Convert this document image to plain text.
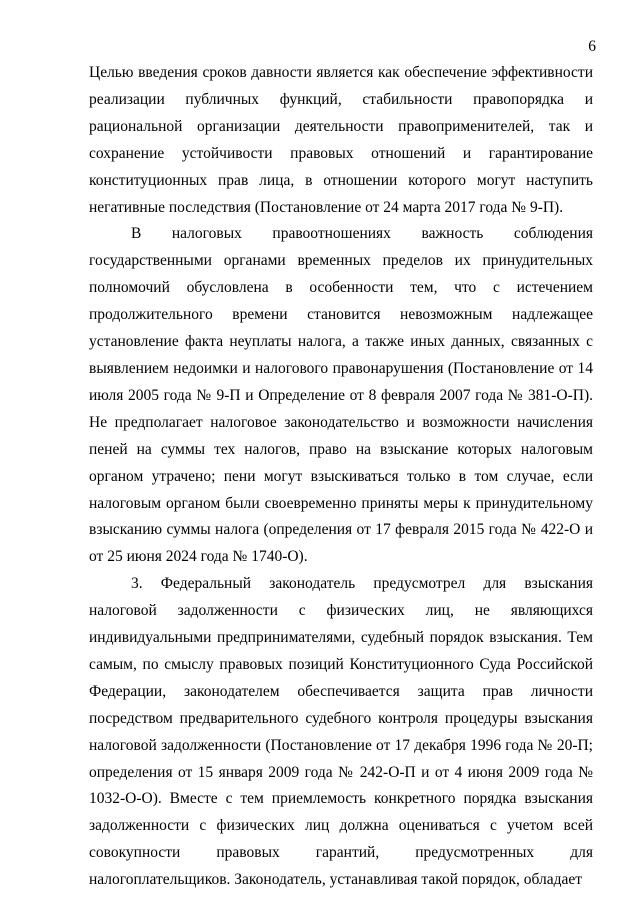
6

Целью введения сроков давности является как обеспечение эффективности реализации публичных функций, стабильности правопорядка и рациональной организации деятельности правоприменителей, так и сохранение устойчивости правовых отношений и гарантирование конституционных прав лица, в отношении которого могут наступить негативные последствия (Постановление от 24 марта 2017 года № 9-П).

В налоговых правоотношениях важность соблюдения государственными органами временных пределов их принудительных полномочий обусловлена в особенности тем, что с истечением продолжительного времени становится невозможным надлежащее установление факта неуплаты налога, а также иных данных, связанных с выявлением недоимки и налогового правонарушения (Постановление от 14 июля 2005 года № 9-П и Определение от 8 февраля 2007 года № 381-О-П). Не предполагает налоговое законодательство и возможности начисления пеней на суммы тех налогов, право на взыскание которых налоговым органом утрачено; пени могут взыскиваться только в том случае, если налоговым органом были своевременно приняты меры к принудительному взысканию суммы налога (определения от 17 февраля 2015 года № 422-О и от 25 июня 2024 года № 1740-О).

3. Федеральный законодатель предусмотрел для взыскания налоговой задолженности с физических лиц, не являющихся индивидуальными предпринимателями, судебный порядок взыскания. Тем самым, по смыслу правовых позиций Конституционного Суда Российской Федерации, законодателем обеспечивается защита прав личности посредством предварительного судебного контроля процедуры взыскания налоговой задолженности (Постановление от 17 декабря 1996 года № 20-П; определения от 15 января 2009 года № 242-О-П и от 4 июня 2009 года № 1032-О-О). Вместе с тем приемлемость конкретного порядка взыскания задолженности с физических лиц должна оцениваться с учетом всей совокупности правовых гарантий, предусмотренных для налогоплательщиков. Законодатель, устанавливая такой порядок, обладает
